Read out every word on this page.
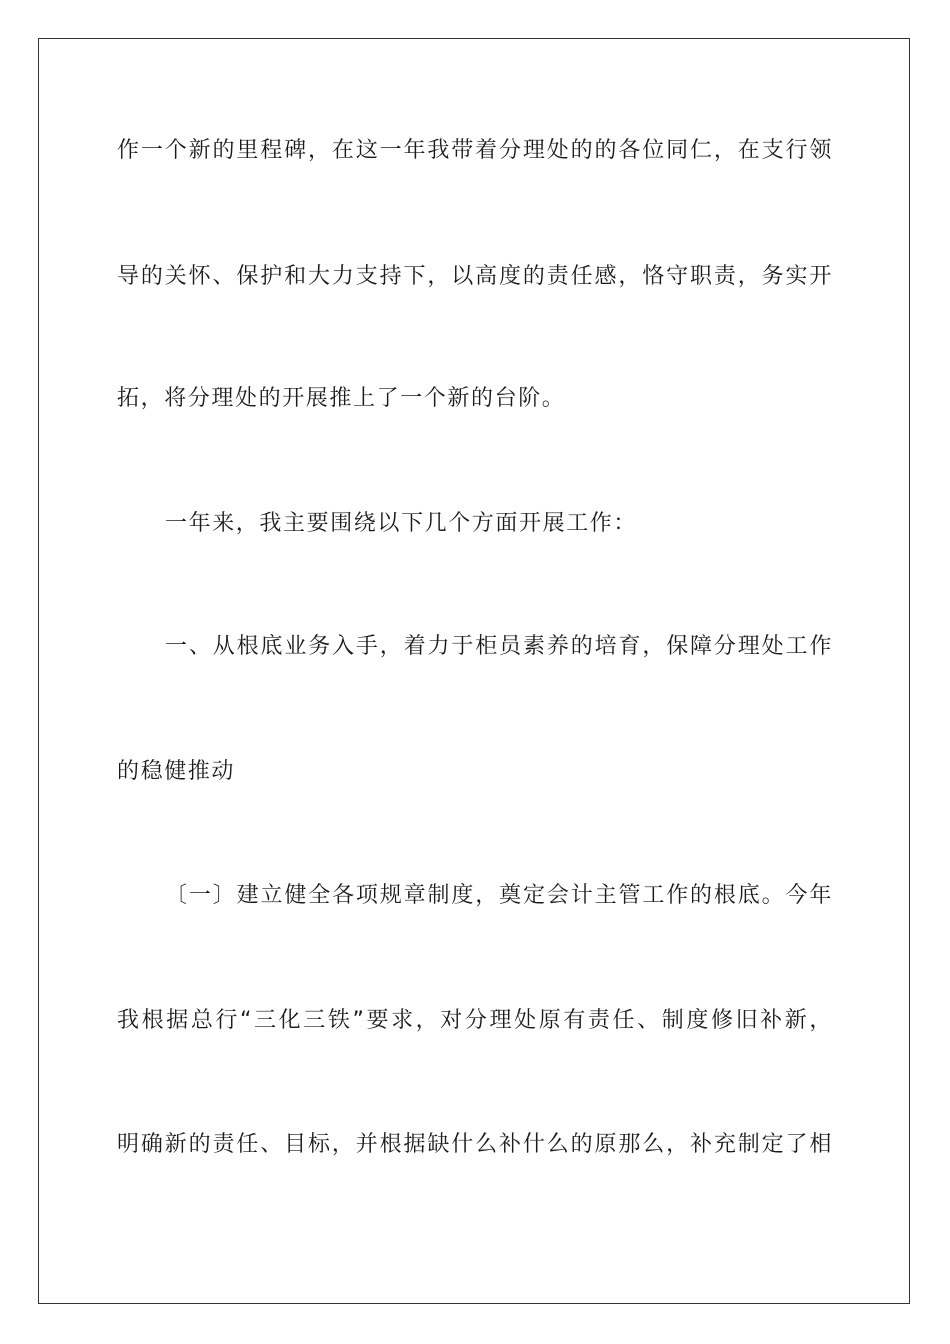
作一个新的里程碑，在这一年我带着分理处的的各位同仁，在支行领
导的关怀、保护和大力支持下，以高度的责任感，恪守职责，务实开
拓，将分理处的开展推上了一个新的台阶。
一年来，我主要围绕以下几个方面开展工作：
一、从根底业务入手，着力于柜员素养的培育，保障分理处工作
的稳健推动
〔一〕建立健全各项规章制度，奠定会计主管工作的根底。今年
我根据总行“三化三铁”要求，对分理处原有责任、制度修旧补新，
明确新的责任、目标，并根据缺什么补什么的原那么，补充制定了相
